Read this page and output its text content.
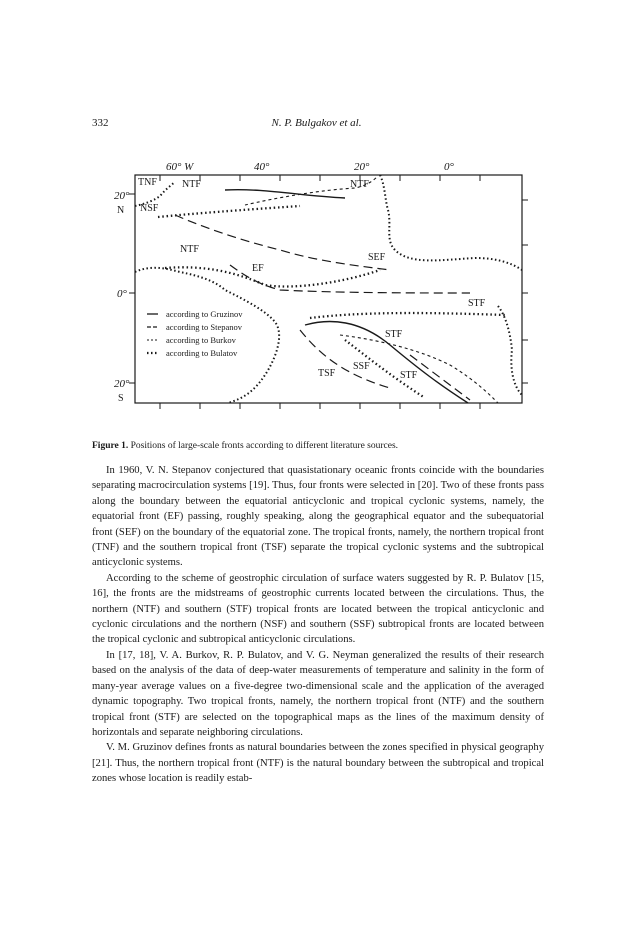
332	N. P. Bulgakov et al.
60° W	40°	20°	0°
20°
N
0°
20°
S
TNF	NTF	NTF
NSF
NTF
SEF
EF
STF
STF
TSF
SSF
STF
according to Gruzinov
according to Stepanov
according to Burkov
according to Bulatov
Figure 1. Positions of large-scale fronts according to different literature sources.

In 1960, V. N. Stepanov conjectured that quasistationary oceanic fronts coincide with the boundaries separating macrocirculation systems [19]. Thus, four fronts were selected in [20]. Two of these fronts pass along the boundary between the equatorial anticyclonic and tropical cyclonic systems, namely, the equatorial front (EF) passing, roughly speaking, along the geographical equator and the subequatorial front (SEF) on the boundary of the equatorial zone. The tropical fronts, namely, the northern tropical front (TNF) and the southern tropical front (TSF) separate the tropical cyclonic systems and the subtropical anticyclonic systems.

According to the scheme of geostrophic circulation of surface waters suggested by R. P. Bulatov [15, 16], the fronts are the midstreams of geostrophic currents located between the circulations. Thus, the northern (NTF) and southern (STF) tropical fronts are located between the tropical anticyclonic and cyclonic circulations and the northern (NSF) and southern (SSF) subtropical fronts are located between the tropical cyclonic and subtropical anticyclonic circulations.

In [17, 18], V. A. Burkov, R. P. Bulatov, and V. G. Neyman generalized the results of their research based on the analysis of the data of deep-water measurements of temperature and salinity in the form of many-year average values on a five-degree two-dimensional scale and the application of the averaged dynamic topography. Two tropical fronts, namely, the northern tropical front (NTF) and the southern tropical front (STF) are selected on the topographical maps as the lines of the maximum density of horizontals and separate neighboring circulations.

V. M. Gruzinov defines fronts as natural boundaries between the zones specified in physical geography [21]. Thus, the northern tropical front (NTF) is the natural boundary between the subtropical and tropical zones whose location is readily estab-
